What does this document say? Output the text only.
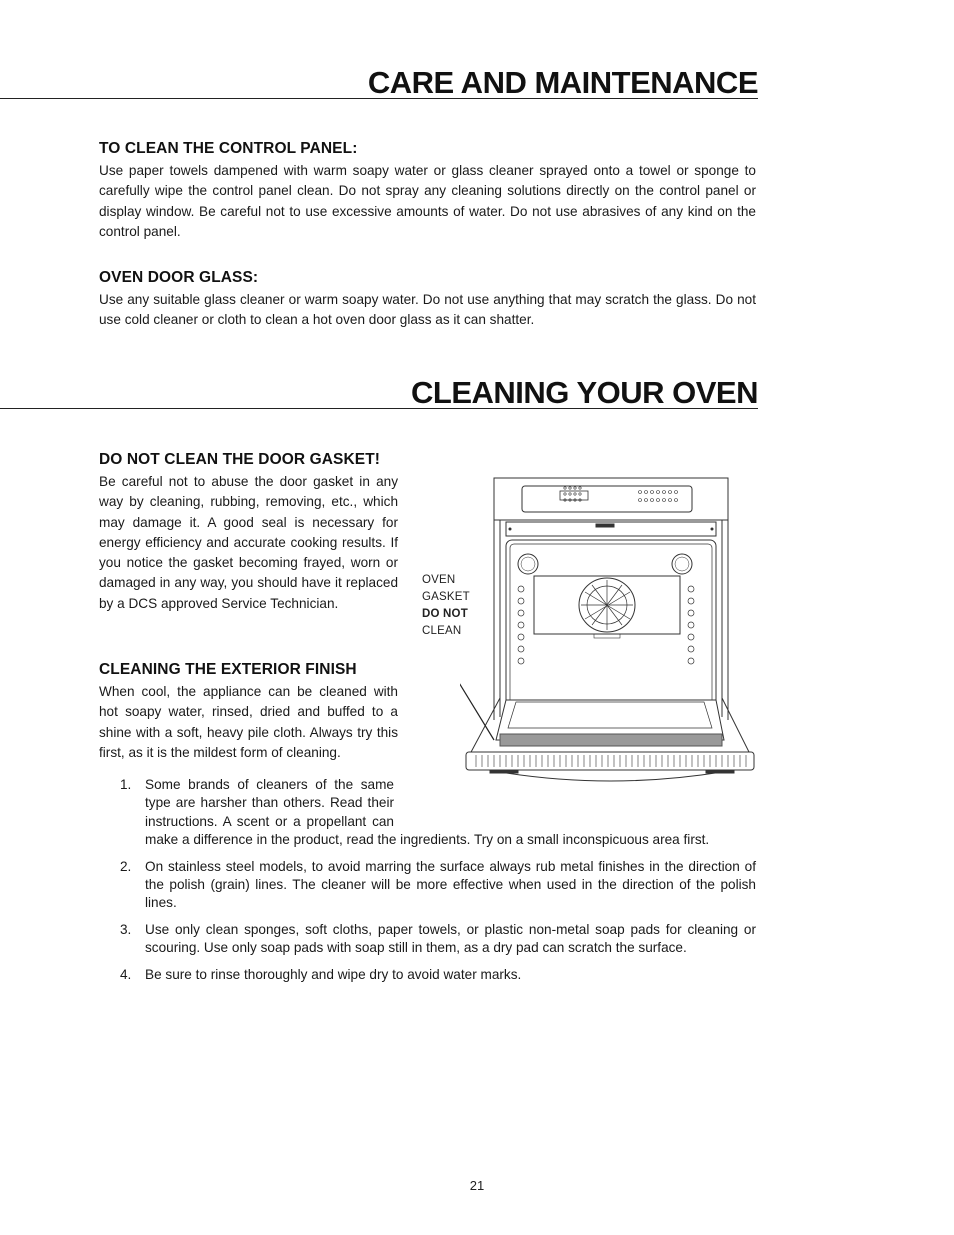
CARE AND MAINTENANCE
TO CLEAN THE CONTROL PANEL:

Use paper towels dampened with warm soapy water or glass cleaner sprayed onto a towel or sponge to carefully wipe the control panel clean. Do not spray any cleaning solutions directly on the control panel or display window. Be careful not to use excessive amounts of water. Do not use abrasives of any kind on the control panel.

OVEN DOOR GLASS:

Use any suitable glass cleaner or warm soapy water. Do not use anything that may scratch the glass. Do not use cold cleaner or cloth to clean a hot oven door glass as it can shatter.

CLEANING YOUR OVEN
DO NOT CLEAN THE DOOR GASKET!

Be careful not to abuse the door gasket in any way by cleaning, rubbing, removing, etc., which may damage it. A good seal is necessary for energy efficiency and accurate cooking results. If you notice the gasket becoming frayed, worn or damaged in any way, you should have it replaced by a DCS approved Service Technician.

CLEANING THE EXTERIOR FINISH

When cool, the appliance can be cleaned with hot soapy water, rinsed, dried and buffed to a shine with a soft, heavy pile cloth. Always try this first, as it is the mildest form of cleaning.

OVEN
GASKET
DO NOT
CLEAN
1. Some brands of cleaners of the same type are harsher than others. Read their instructions. A scent or a propellant can make a difference in the product, read the ingredients. Try on a small inconspicuous area first.
2. On stainless steel models, to avoid marring the surface always rub metal finishes in the direction of the polish (grain) lines. The cleaner will be more effective when used in the direction of the polish lines.
3. Use only clean sponges, soft cloths, paper towels, or plastic non-metal soap pads for cleaning or scouring. Use only soap pads with soap still in them, as a dry pad can scratch the surface.
4. Be sure to rinse thoroughly and wipe dry to avoid water marks.
21
